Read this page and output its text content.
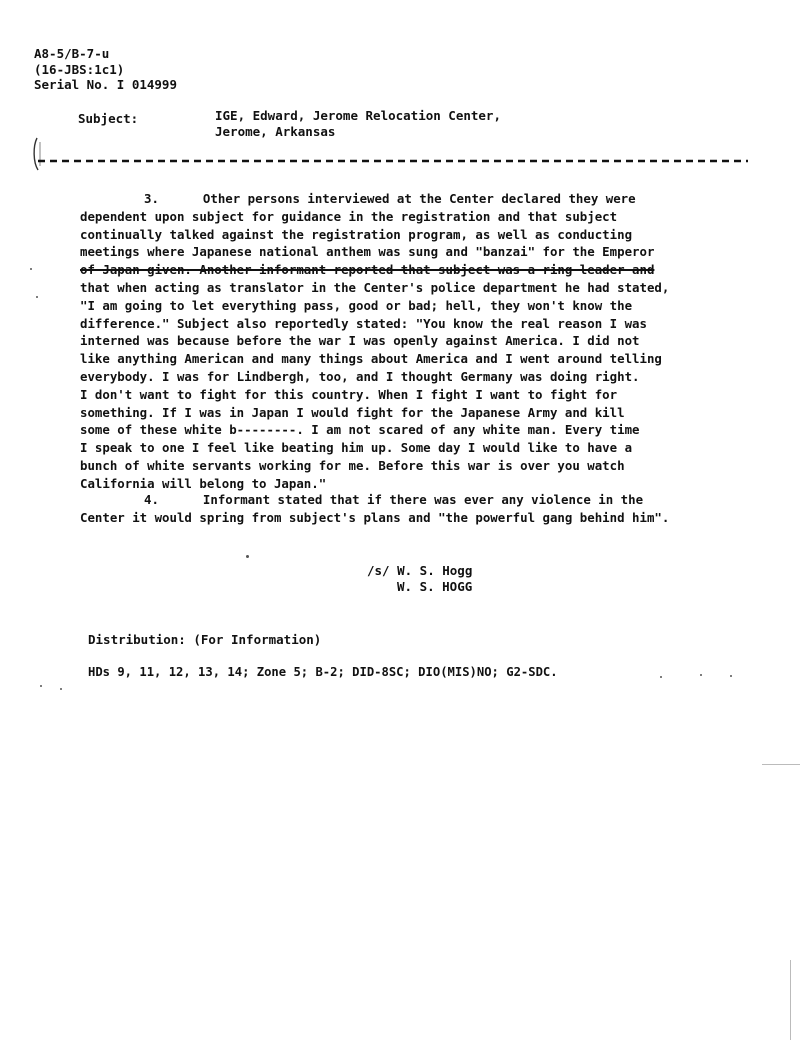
A8-5/B-7-u
(16-JBS:1c1)
Serial No. I 014999
Subject:	IGE, Edward, Jerome Relocation Center,
Jerome, Arkansas
3.	Other persons interviewed at the Center declared they were
dependent upon subject for guidance in the registration and that subject
continually talked against the registration program, as well as conducting
meetings where Japanese national anthem was sung and "banzai" for the Emperor
of Japan given. Another informant reported that subject was a ring leader and
that when acting as translator in the Center's police department he had stated,
"I am going to let everything pass, good or bad; hell, they won't know the
difference." Subject also reportedly stated: "You know the real reason I was
interned was because before the war I was openly against America. I did not
like anything American and many things about America and I went around telling
everybody. I was for Lindbergh, too, and I thought Germany was doing right.
I don't want to fight for this country. When I fight I want to fight for
something. If I was in Japan I would fight for the Japanese Army and kill
some of these white b--------. I am not scared of any white man. Every time
I speak to one I feel like beating him up. Some day I would like to have a
bunch of white servants working for me. Before this war is over you watch
California will belong to Japan."
4.	Informant stated that if there was ever any violence in the
Center it would spring from subject's plans and "the powerful gang behind him".
/s/ W. S. Hogg
W. S. HOGG
Distribution: (For Information)
HDs 9, 11, 12, 13, 14; Zone 5; B-2; DID-8SC; DIO(MIS)NO; G2-SDC.
